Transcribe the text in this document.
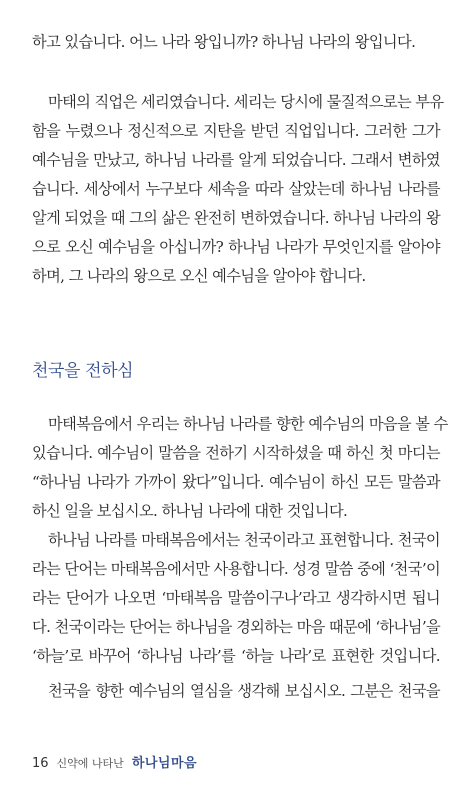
하고 있습니다. 어느 나라 왕입니까? 하나님 나라의 왕입니다.
마태의 직업은 세리였습니다. 세리는 당시에 물질적으로는 부유
함을 누렸으나 정신적으로 지탄을 받던 직업입니다. 그러한 그가
예수님을 만났고, 하나님 나라를 알게 되었습니다. 그래서 변하였
습니다. 세상에서 누구보다 세속을 따라 살았는데 하나님 나라를
알게 되었을 때 그의 삶은 완전히 변하였습니다. 하나님 나라의 왕
으로 오신 예수님을 아십니까? 하나님 나라가 무엇인지를 알아야
하며, 그 나라의 왕으로 오신 예수님을 알아야 합니다.
천국을 전하심
마태복음에서 우리는 하나님 나라를 향한 예수님의 마음을 볼 수
있습니다. 예수님이 말씀을 전하기 시작하셨을 때 하신 첫 마디는
“하나님 나라가 가까이 왔다”입니다. 예수님이 하신 모든 말씀과
하신 일을 보십시오. 하나님 나라에 대한 것입니다.
하나님 나라를 마태복음에서는 천국이라고 표현합니다. 천국이
라는 단어는 마태복음에서만 사용합니다. 성경 말씀 중에 ‘천국’이
라는 단어가 나오면 ‘마태복음 말씀이구나’라고 생각하시면 됩니
다. 천국이라는 단어는 하나님을 경외하는 마음 때문에 ‘하나님’을
‘하늘’로 바꾸어 ‘하나님 나라’를 ‘하늘 나라’로 표현한 것입니다.
천국을 향한 예수님의 열심을 생각해 보십시오. 그분은 천국을
16 신약에 나타난 하나님마음
